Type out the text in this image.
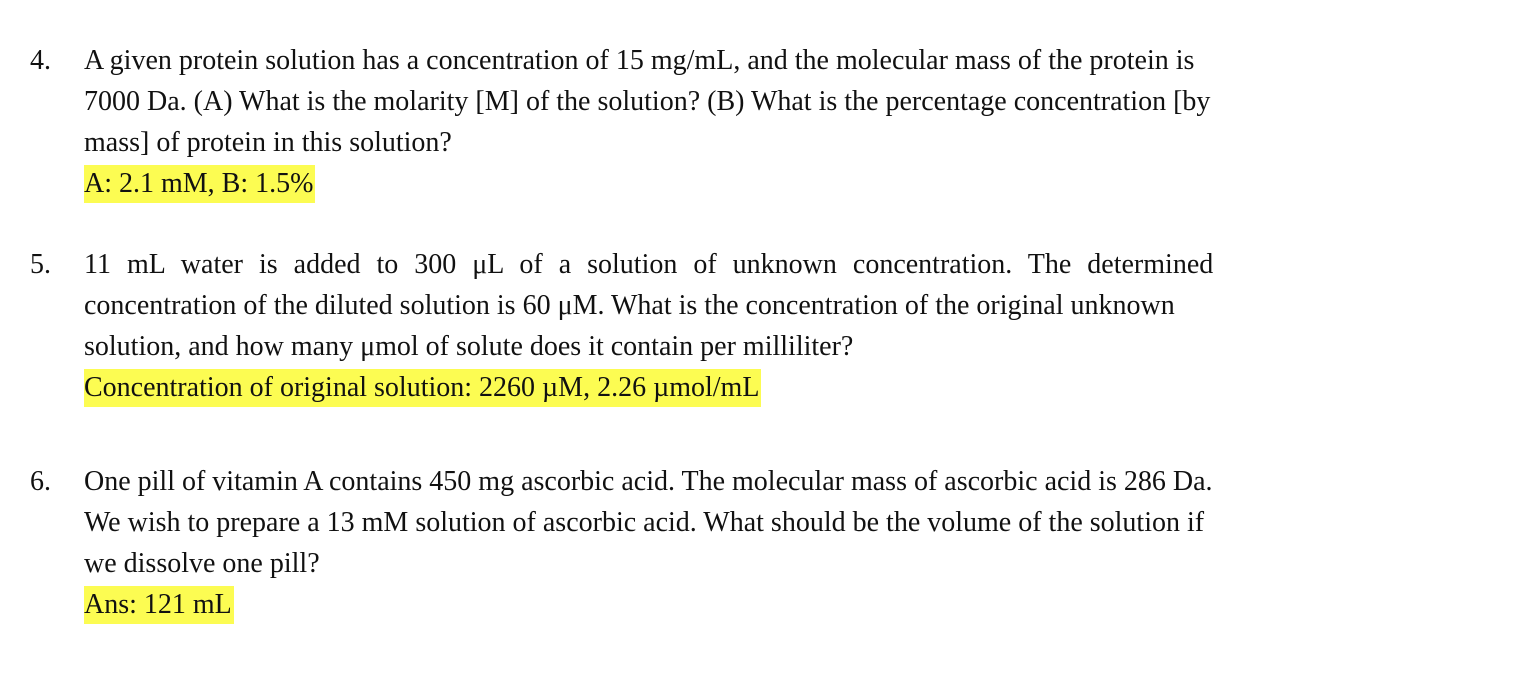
4. A given protein solution has a concentration of 15 mg/mL, and the molecular mass of the protein is
7000 Da. (A) What is the molarity [M] of the solution? (B) What is the percentage concentration [by
mass] of protein in this solution?
A: 2.1 mM, B: 1.5%
5. 11 mL water is added to 300 μL of a solution of unknown concentration. The determined
concentration of the diluted solution is 60 μM. What is the concentration of the original unknown
solution, and how many μmol of solute does it contain per milliliter?
Concentration of original solution: 2260 µM, 2.26 µmol/mL
6. One pill of vitamin A contains 450 mg ascorbic acid. The molecular mass of ascorbic acid is 286 Da.
We wish to prepare a 13 mM solution of ascorbic acid. What should be the volume of the solution if
we dissolve one pill?
Ans: 121 mL
